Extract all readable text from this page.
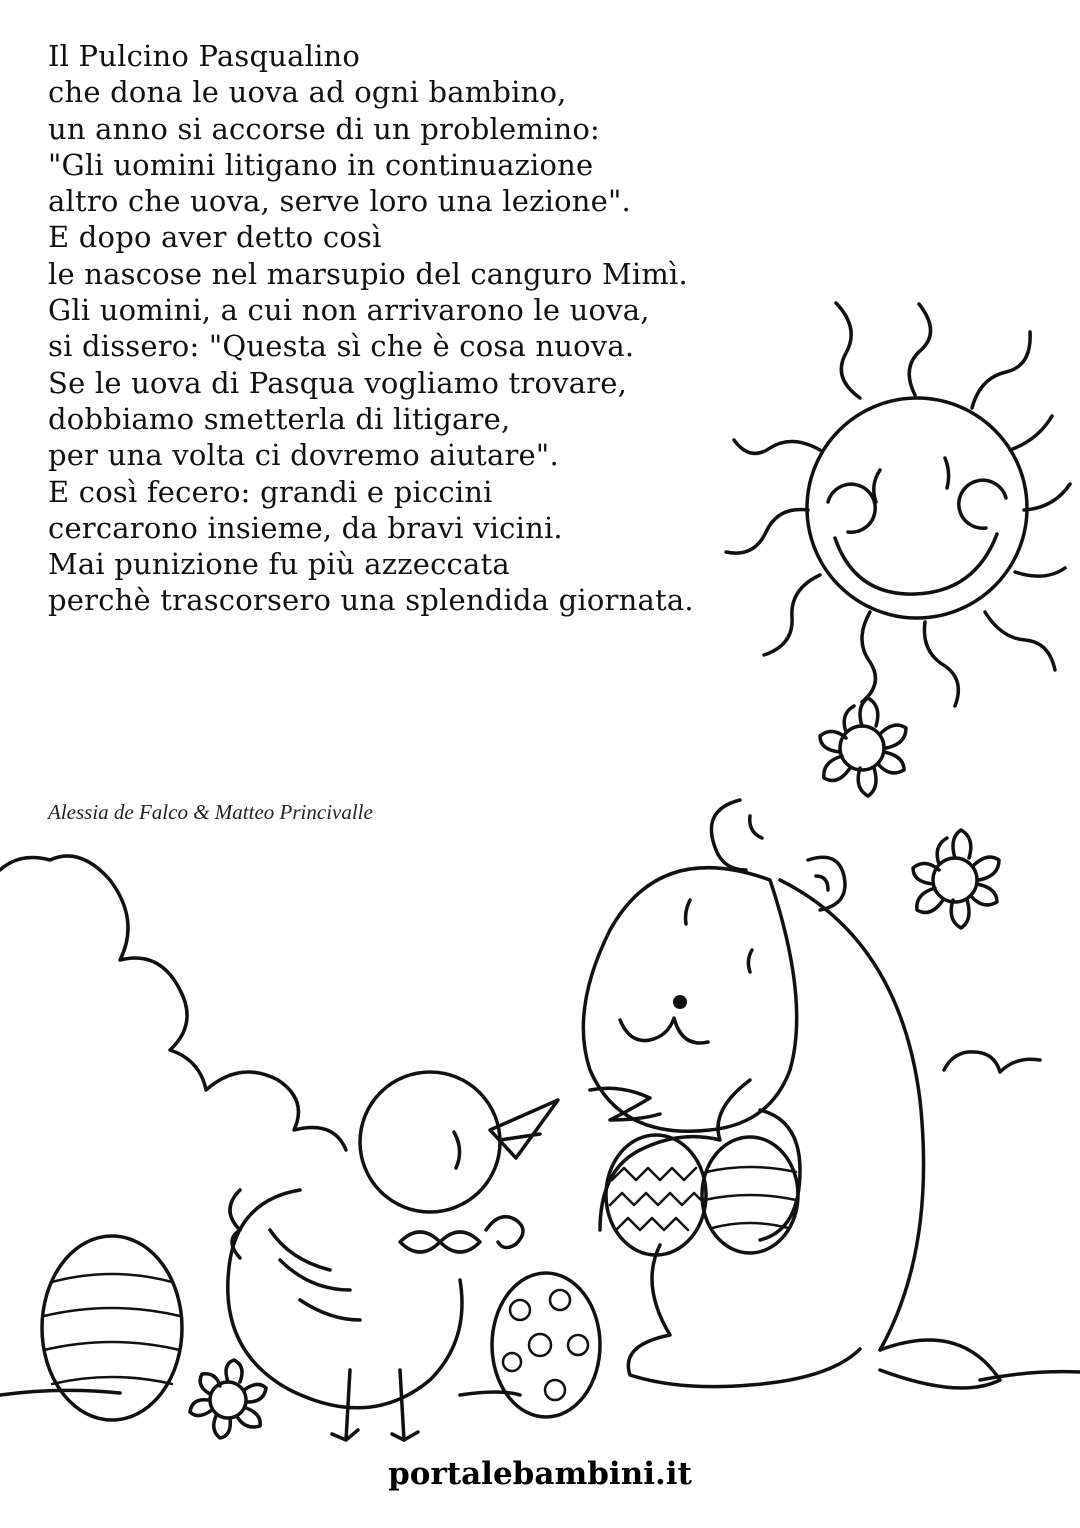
Il Pulcino Pasqualino
che dona le uova ad ogni bambino,
un anno si accorse di un problemino:
"Gli uomini litigano in continuazione
altro che uova, serve loro una lezione".
E dopo aver detto così
le nascose nel marsupio del canguro Mimì.
Gli uomini, a cui non arrivarono le uova,
si dissero: "Questa sì che è cosa nuova.
Se le uova di Pasqua vogliamo trovare,
dobbiamo smetterla di litigare,
per una volta ci dovremo aiutare".
E così fecero: grandi e piccini
cercarono insieme, da bravi vicini.
Mai punizione fu più azzeccata
perchè trascorsero una splendida giornata.
Alessia de Falco & Matteo Princivalle
portalebambini.it
